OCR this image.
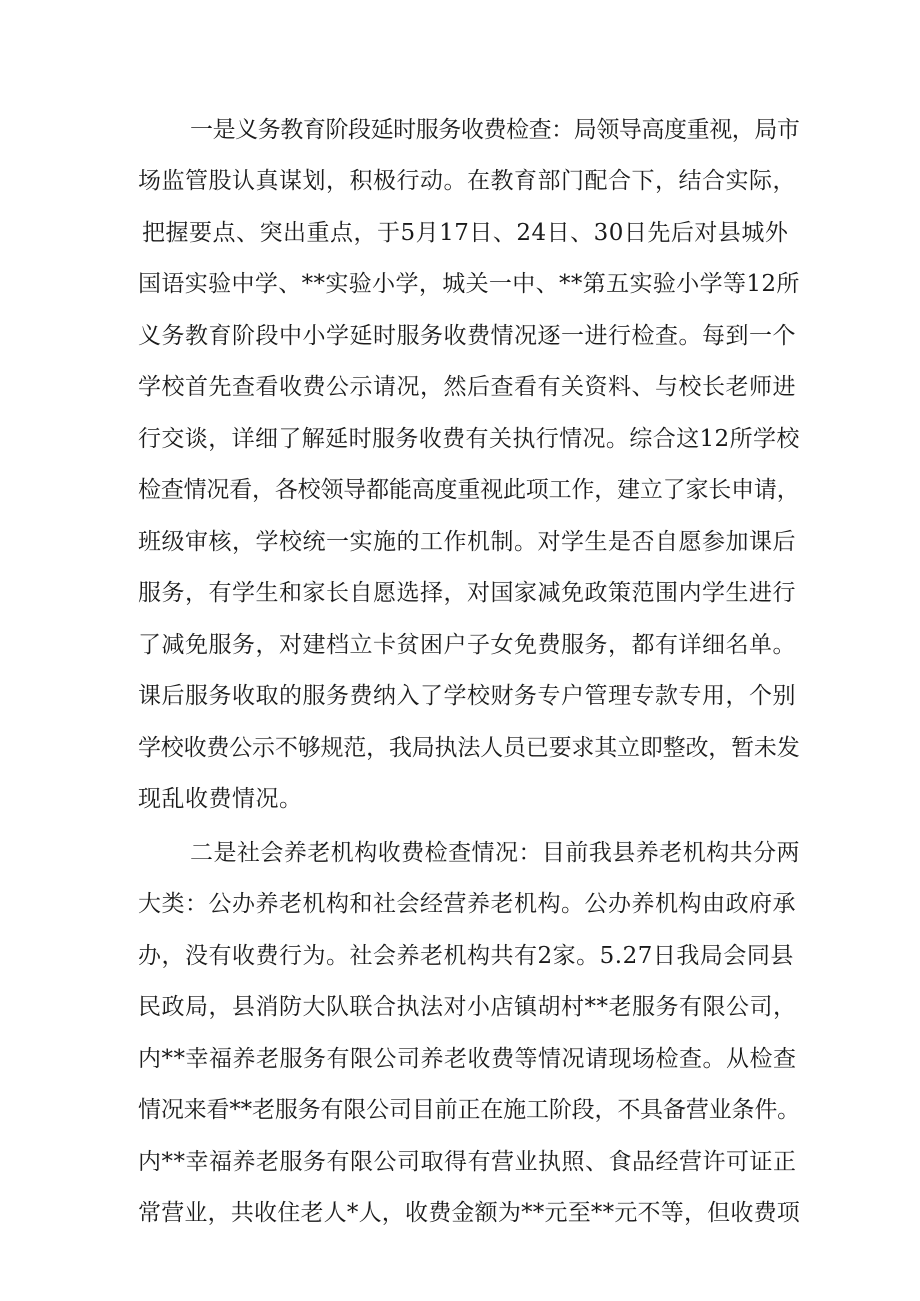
一是义务教育阶段延时服务收费检查：局领导高度重视，局市
场监管股认真谋划，积极行动。在教育部门配合下，结合实际，
把握要点、突出重点，于5月17日、24日、30日先后对县城外
国语实验中学、**实验小学，城关一中、**第五实验小学等12所
义务教育阶段中小学延时服务收费情况逐一进行检查。每到一个
学校首先查看收费公示请况，然后查看有关资料、与校长老师进
行交谈，详细了解延时服务收费有关执行情况。综合这12所学校
检查情况看，各校领导都能高度重视此项工作，建立了家长申请，
班级审核，学校统一实施的工作机制。对学生是否自愿参加课后
服务，有学生和家长自愿选择，对国家减免政策范围内学生进行
了减免服务，对建档立卡贫困户子女免费服务，都有详细名单。
课后服务收取的服务费纳入了学校财务专户管理专款专用，个别
学校收费公示不够规范，我局执法人员已要求其立即整改，暂未发
现乱收费情况。
二是社会养老机构收费检查情况：目前我县养老机构共分两
大类：公办养老机构和社会经营养老机构。公办养机构由政府承
办，没有收费行为。社会养老机构共有2家。5.27日我局会同县
民政局，县消防大队联合执法对小店镇胡村**老服务有限公司，
内**幸福养老服务有限公司养老收费等情况请现场检查。从检查
情况来看**老服务有限公司目前正在施工阶段，不具备营业条件。
内**幸福养老服务有限公司取得有营业执照、食品经营许可证正
常营业，共收住老人*人，收费金额为**元至**元不等，但收费项
